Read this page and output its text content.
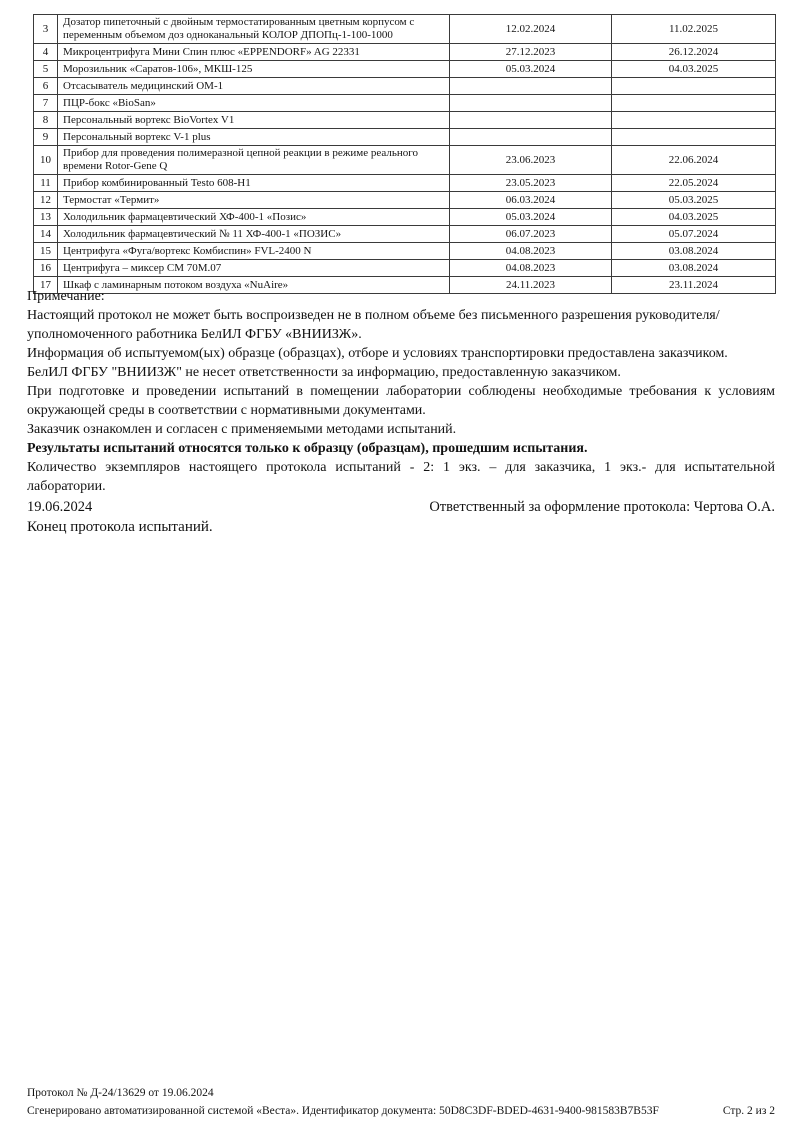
3	Дозатор пипеточный с двойным термостатированным цветным корпусом с переменным объемом доз одноканальный КОЛОР ДПОПц-1-100-1000	12.02.2024	11.02.2025
4	Микроцентрифуга Мини Спин плюс «EPPENDORF» AG 22331	27.12.2023	26.12.2024
5	Морозильник «Саратов-106», МКШ-125	05.03.2024	04.03.2025
6	Отсасыватель медицинский ОМ-1		
7	ПЦР-бокс «BioSan»		
8	Персональный вортекс BioVortex V1		
9	Персональный вортекс V-1 plus		
10	Прибор для проведения полимеразной цепной реакции в режиме реального времени Rotor-Gene Q	23.06.2023	22.06.2024
11	Прибор комбинированный Testo 608-H1	23.05.2023	22.05.2024
12	Термостат «Термит»	06.03.2024	05.03.2025
13	Холодильник фармацевтический ХФ-400-1 «Позис»	05.03.2024	04.03.2025
14	Холодильник фармацевтический № 11 ХФ-400-1 «ПОЗИС»	06.07.2023	05.07.2024
15	Центрифуга «Фуга/вортекс Комбиспин» FVL-2400 N	04.08.2023	03.08.2024
16	Центрифуга – миксер СМ 70М.07	04.08.2023	03.08.2024
17	Шкаф с ламинарным потоком воздуха «NuAire»	24.11.2023	23.11.2024

Примечание:

Настоящий протокол не может быть воспроизведен не в полном объеме без письменного разрешения руководителя/уполномоченного работника БелИЛ ФГБУ «ВНИИЗЖ».

Информация об испытуемом(ых) образце (образцах), отборе и условиях транспортировки предоставлена заказчиком.

БелИЛ ФГБУ "ВНИИЗЖ" не несет ответственности за информацию, предоставленную заказчиком.

При подготовке и проведении испытаний в помещении лаборатории соблюдены необходимые требования к условиям окружающей среды в соответствии с нормативными документами.

Заказчик ознакомлен и согласен с применяемыми методами испытаний.

Результаты испытаний относятся только к образцу (образцам), прошедшим испытания.

Количество экземпляров настоящего протокола испытаний - 2: 1 экз. – для заказчика, 1 экз.- для испытательной лаборатории.

19.06.2024	Ответственный за оформление протокола: Чертова О.А.
Конец протокола испытаний.
Протокол № Д-24/13629 от 19.06.2024
Сгенерировано автоматизированной системой «Веста». Идентификатор документа: 50D8C3DF-BDED-4631-9400-981583B7B53F	Стр. 2 из 2
